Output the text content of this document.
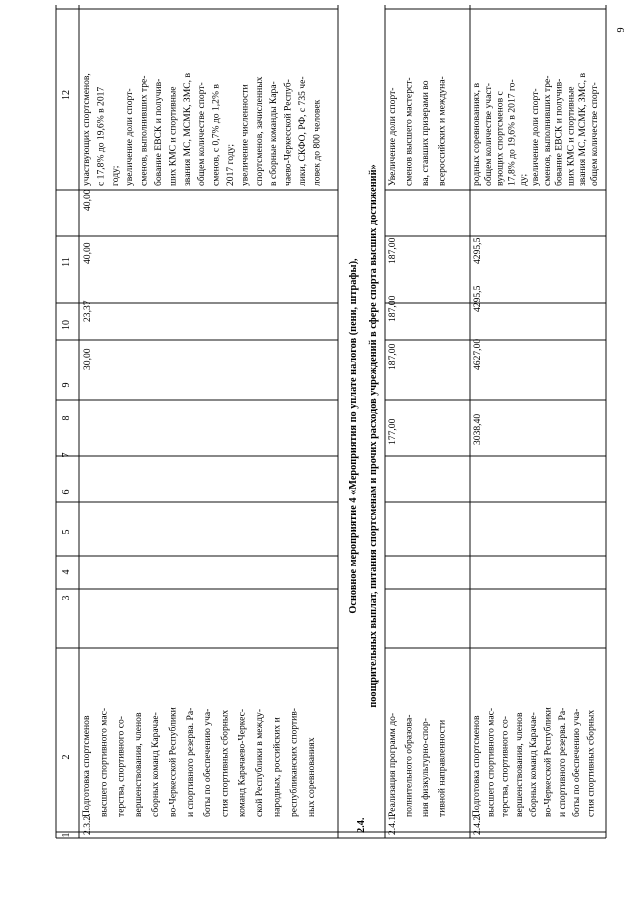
9
1
2
3
4
5
6
7
8
9
10
11
12
2.3.2.
Подготовка спортсменов высшего спортивного мас- терства, спортивного со- вершенствования, членов сборных команд Карачае- во-Черкесской Республики и спортивного резерва. Ра- боты по обеспечению уча- стия спортивных сборных команд Карачаево-Черкес- ской Республики в между- народных, российских и республиканских спортив- ных соревнованиях
30,00
23,37
40,00
40,00
участвующих спортсменов, с 17,8% до 19,6% в 2017 году; увеличение доли спорт- сменов, выполнивших тре- бование ЕВСК и получив- ших КМС и спортивные звания МС, МСМК, ЗМС, в общем количестве спорт- сменов, с 0,7% до 1,2% в 2017 году; увеличение численности спортсменов, зачисленных в сборные команды Кара- чаево-Черкесской Респуб- лики, СКФО, РФ, с 735 че- ловек до 800 человек
2.4.
Основное мероприятие 4 «Мероприятия по уплате налогов (пени, штрафы), поощрительных выплат, питания спортсменам и прочих расходов учреждений в сфере спорта высших достижений»
2.4.1.
Реализация программ до- полнительного образова- ния физкультурно-спор- тивной направленности
177,00
187,00
187,00
187,00
Увеличение доли спорт- сменов высшего мастерст- ва, ставших призерами во всероссийских и междуна-
2.4.2.
Подготовка спортсменов высшего спортивного мас- терства, спортивного со- вершенствования, членов сборных команд Карачае- во-Черкесской Республики и спортивного резерва. Ра- боты по обеспечению уча- стия спортивных сборных
3038,40
4627,00
4295,5
4295,5
родных соревнованиях, в общем количестве участ- вующих спортсменов с 17,8% до 19,6% в 2017 го- ду; увеличение доли спорт- сменов, выполнивших тре- бование ЕВСК и получив- ших КМС и спортивные звания МС, МСМК, ЗМС, в общем количестве спорт-
